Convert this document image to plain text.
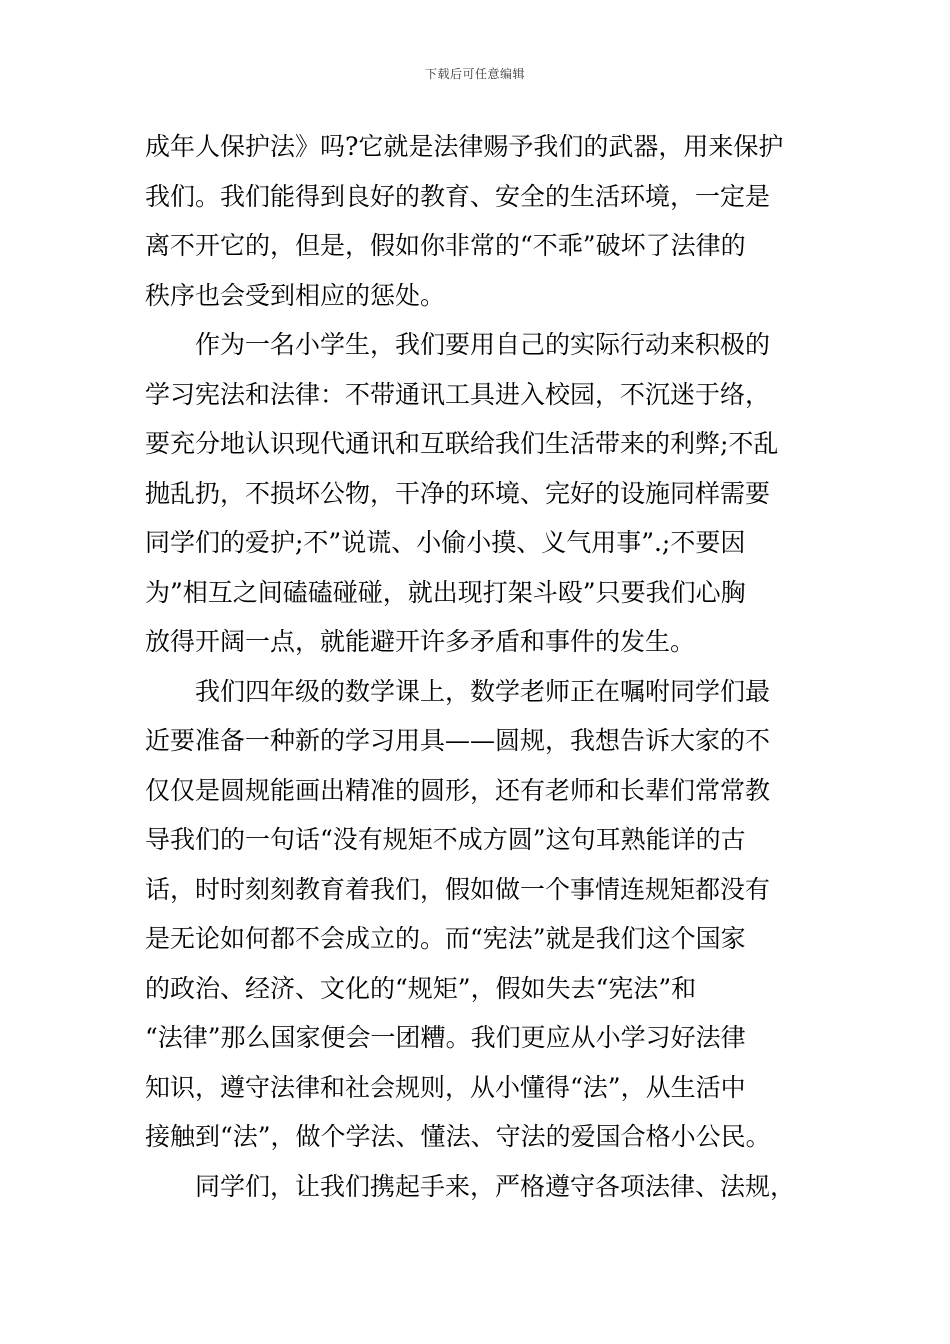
下载后可任意编辑
成年人保护法》吗?它就是法律赐予我们的武器，用来保护
我们。我们能得到良好的教育、安全的生活环境，一定是
离不开它的，但是，假如你非常的“不乖”破坏了法律的
秩序也会受到相应的惩处。
作为一名小学生，我们要用自己的实际行动来积极的
学习宪法和法律：不带通讯工具进入校园，不沉迷于络，
要充分地认识现代通讯和互联给我们生活带来的利弊;不乱
抛乱扔，不损坏公物，干净的环境、完好的设施同样需要
同学们的爱护;不”说谎、小偷小摸、义气用事”.;不要因
为”相互之间磕磕碰碰，就出现打架斗殴”只要我们心胸
放得开阔一点，就能避开许多矛盾和事件的发生。
我们四年级的数学课上，数学老师正在嘱咐同学们最
近要准备一种新的学习用具——圆规，我想告诉大家的不
仅仅是圆规能画出精准的圆形，还有老师和长辈们常常教
导我们的一句话“没有规矩不成方圆”这句耳熟能详的古
话，时时刻刻教育着我们，假如做一个事情连规矩都没有
是无论如何都不会成立的。而“宪法”就是我们这个国家
的政治、经济、文化的“规矩”，假如失去“宪法”和
“法律”那么国家便会一团糟。我们更应从小学习好法律
知识，遵守法律和社会规则，从小懂得“法”，从生活中
接触到“法”，做个学法、懂法、守法的爱国合格小公民。
同学们，让我们携起手来，严格遵守各项法律、法规，
